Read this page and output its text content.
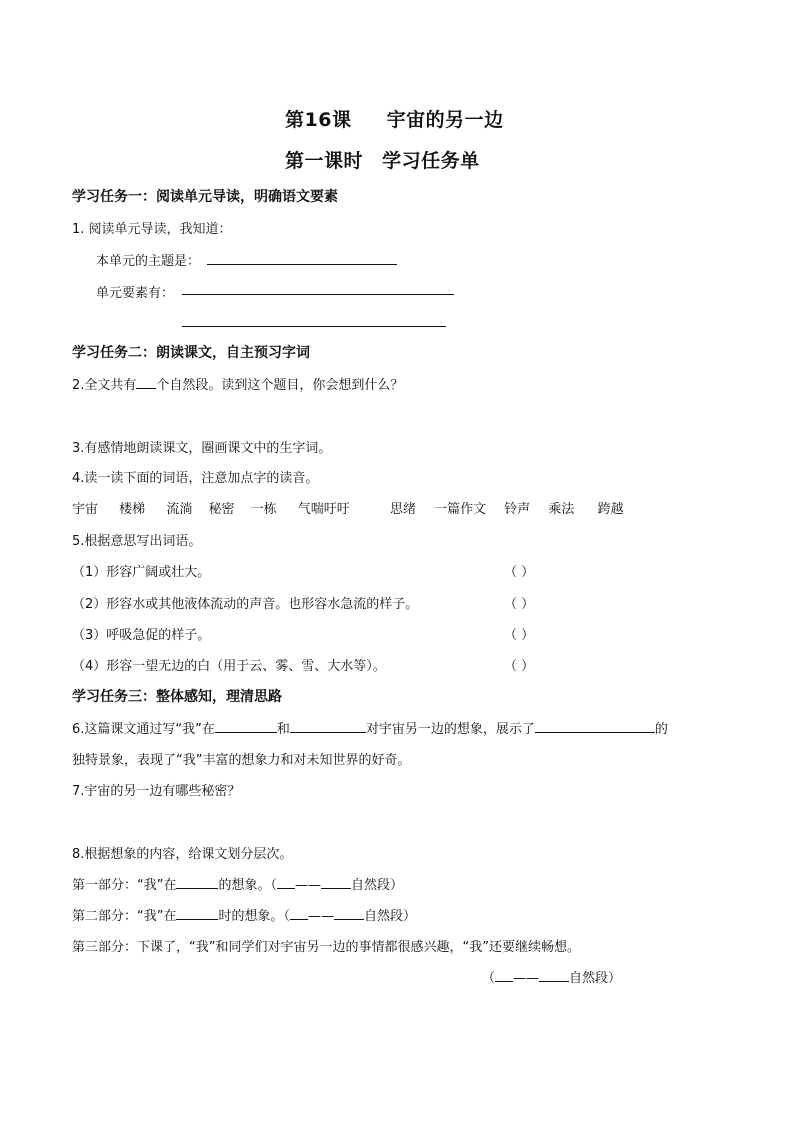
第16课 宇宙的另一边
第一课时 学习任务单
学习任务一：阅读单元导读，明确语文要素
1. 阅读单元导读，我知道：
本单元的主题是：
单元要素有：
学习任务二：朗读课文，自主预习字词
2.全文共有 个自然段。读到这个题目，你会想到什么？
3.有感情地朗读课文，圈画课文中的生字词。
4.读一读下面的词语，注意加点字的读音。
宇宙 楼梯 流淌 秘密 一栋 气喘吁吁	思绪 一篇作文 铃声 乘法 跨越
5.根据意思写出词语。
（1）形容广阔或壮大。	（ ）
（2）形容水或其他液体流动的声音。也形容水急流的样子。	（ ）
（3）呼吸急促的样子。	（ ）
（4）形容一望无边的白（用于云、雾、雪、大水等）。	（ ）
学习任务三：整体感知，理清思路
6.这篇课文通过写“我”在	和	对宇宙另一边的想象，展示了	的
独特景象，表现了“我”丰富的想象力和对未知世界的好奇。
7.宇宙的另一边有哪些秘密？
8.根据想象的内容，给课文划分层次。
第一部分：“我”在	的想象。（ —— 自然段）
第二部分：“我”在	时的想象。（ —— 自然段）
第三部分：下课了，“我”和同学们对宇宙另一边的事情都很感兴趣，“我”还要继续畅想。
（ —— 自然段）
